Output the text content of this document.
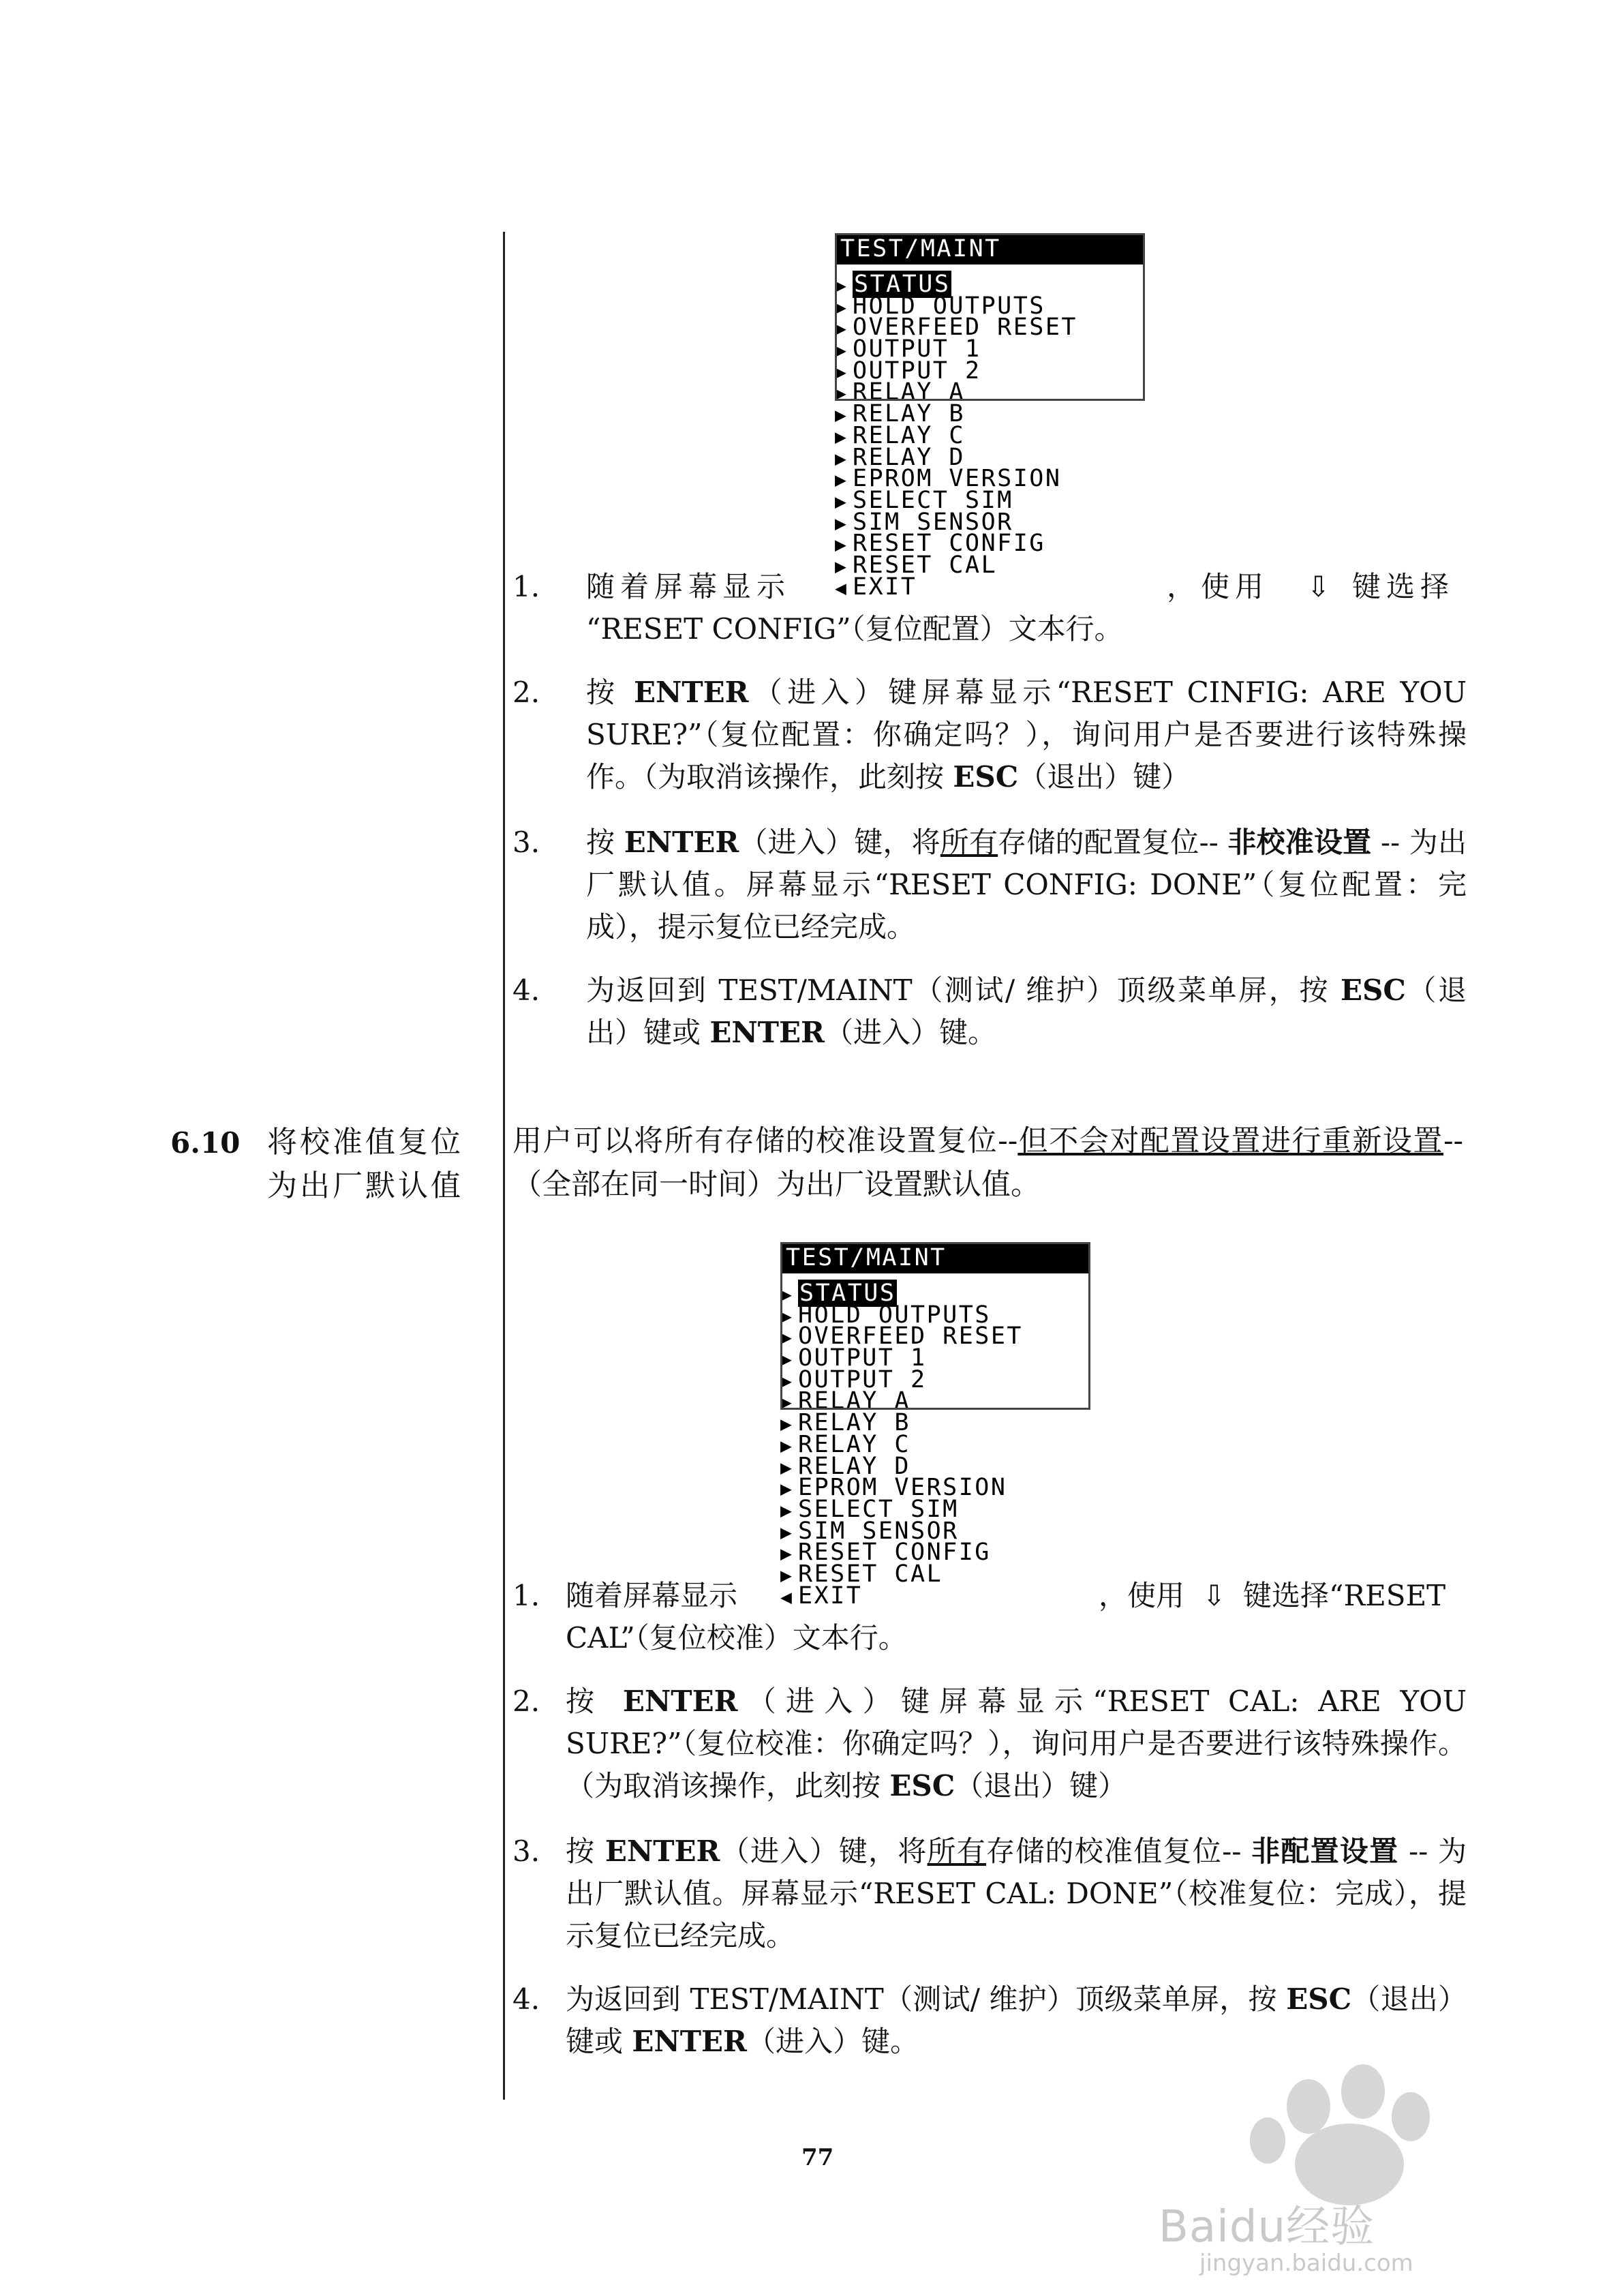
TEST/MAINT
▶ STATUS
▶ HOLD OUTPUTS
▶ OVERFEED RESET
▶ OUTPUT 1
▶ OUTPUT 2
▶ RELAY A
▶ RELAY B
▶ RELAY C
▶ RELAY D
▶ EPROM VERSION
▶ SELECT SIM
▶ SIM SENSOR
▶ RESET CONFIG
▶ RESET CAL
◀ EXIT
1. 随着屏幕显示	，使用 ⇩ 键选择
“RESET CONFIG”（复位配置）文本行。
2. 按 ENTER（进入）键屏幕显示“RESET CINFIG: ARE YOU SURE?”（复位配置：你确定吗？），询问用户是否要进行该特殊操作。（为取消该操作，此刻按 ESC（退出）键）
3. 按 ENTER（进入）键，将所有存储的配置复位-- 非校准设置 -- 为出厂默认值。屏幕显示“RESET CONFIG: DONE”（复位配置：完成），提示复位已经完成。
4. 为返回到 TEST/MAINT（测试/ 维护）顶级菜单屏，按 ESC（退出）键或 ENTER（进入）键。
6.10 将校准值复位为出厂默认值
用户可以将所有存储的校准设置复位--但不会对配置设置进行重新设置--（全部在同一时间）为出厂设置默认值。
TEST/MAINT
▶ STATUS
▶ HOLD OUTPUTS
▶ OVERFEED RESET
▶ OUTPUT 1
▶ OUTPUT 2
▶ RELAY A
▶ RELAY B
▶ RELAY C
▶ RELAY D
▶ EPROM VERSION
▶ SELECT SIM
▶ SIM SENSOR
▶ RESET CONFIG
▶ RESET CAL
◀ EXIT
1. 随着屏幕显示	，使用 ⇩ 键选择“RESET
CAL”（复位校准）文本行。
2. 按 ENTER（进入）键屏幕显示“RESET CAL: ARE YOU SURE?”（复位校准：你确定吗？），询问用户是否要进行该特殊操作。（为取消该操作，此刻按 ESC（退出）键）
3. 按 ENTER（进入）键，将所有存储的校准值复位-- 非配置设置 -- 为出厂默认值。屏幕显示“RESET CAL: DONE”（校准复位：完成），提示复位已经完成。
4. 为返回到 TEST/MAINT（测试/ 维护）顶级菜单屏，按 ESC（退出）键或 ENTER（进入）键。
77
Baidu经验
jingyan.baidu.com
